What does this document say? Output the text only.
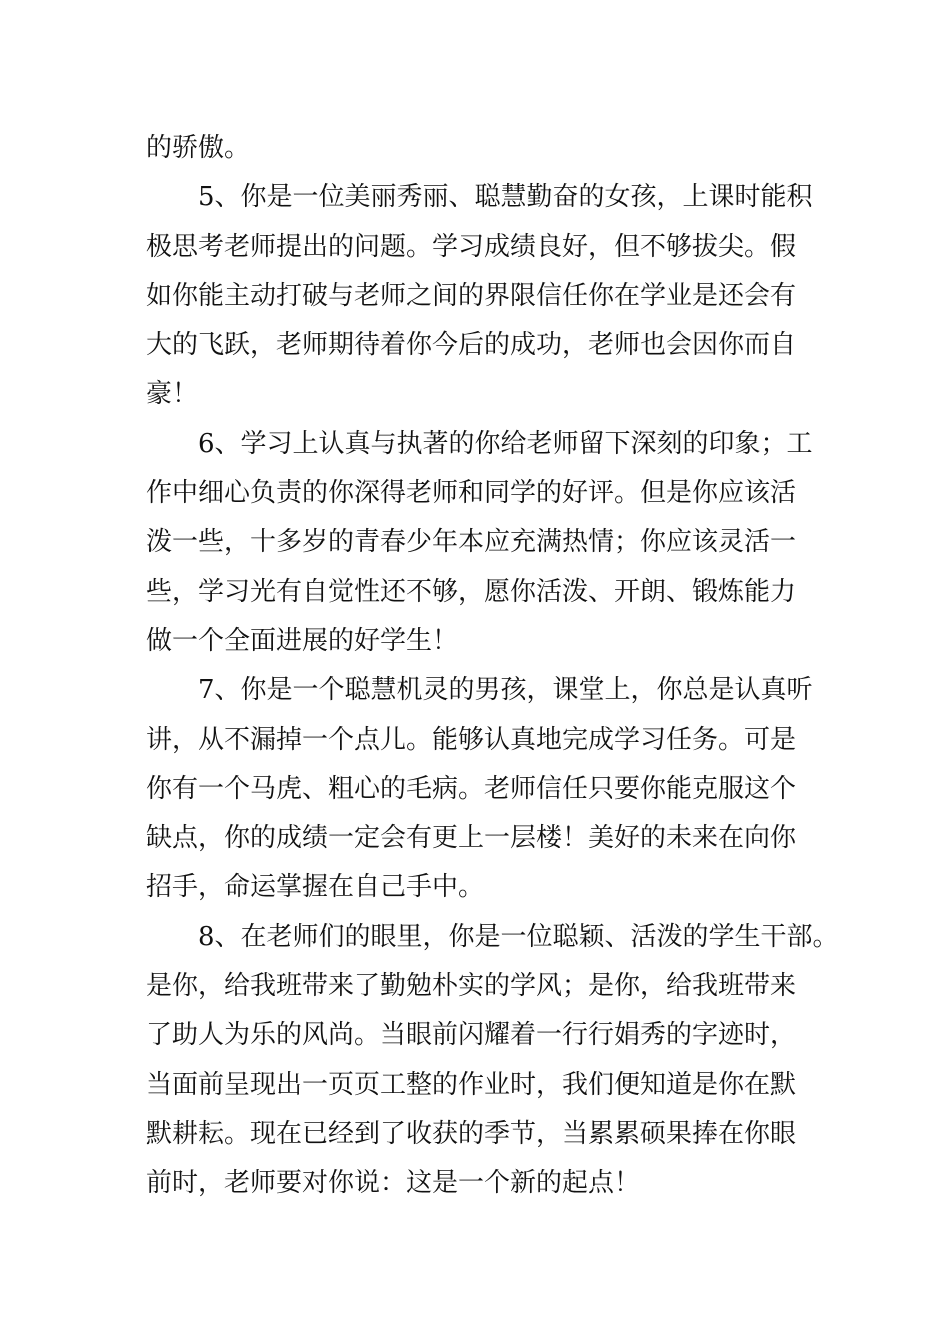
的骄傲。
5、你是一位美丽秀丽、聪慧勤奋的女孩，上课时能积
极思考老师提出的问题。学习成绩良好，但不够拔尖。假
如你能主动打破与老师之间的界限信任你在学业是还会有
大的飞跃，老师期待着你今后的成功，老师也会因你而自
豪！
6、学习上认真与执著的你给老师留下深刻的印象；工
作中细心负责的你深得老师和同学的好评。但是你应该活
泼一些，十多岁的青春少年本应充满热情；你应该灵活一
些，学习光有自觉性还不够，愿你活泼、开朗、锻炼能力
做一个全面进展的好学生！
7、你是一个聪慧机灵的男孩，课堂上，你总是认真听
讲，从不漏掉一个点儿。能够认真地完成学习任务。可是
你有一个马虎、粗心的毛病。老师信任只要你能克服这个
缺点，你的成绩一定会有更上一层楼！美好的未来在向你
招手，命运掌握在自己手中。
8、在老师们的眼里，你是一位聪颖、活泼的学生干部。
是你，给我班带来了勤勉朴实的学风；是你，给我班带来
了助人为乐的风尚。当眼前闪耀着一行行娟秀的字迹时，
当面前呈现出一页页工整的作业时，我们便知道是你在默
默耕耘。现在已经到了收获的季节，当累累硕果捧在你眼
前时，老师要对你说：这是一个新的起点！
